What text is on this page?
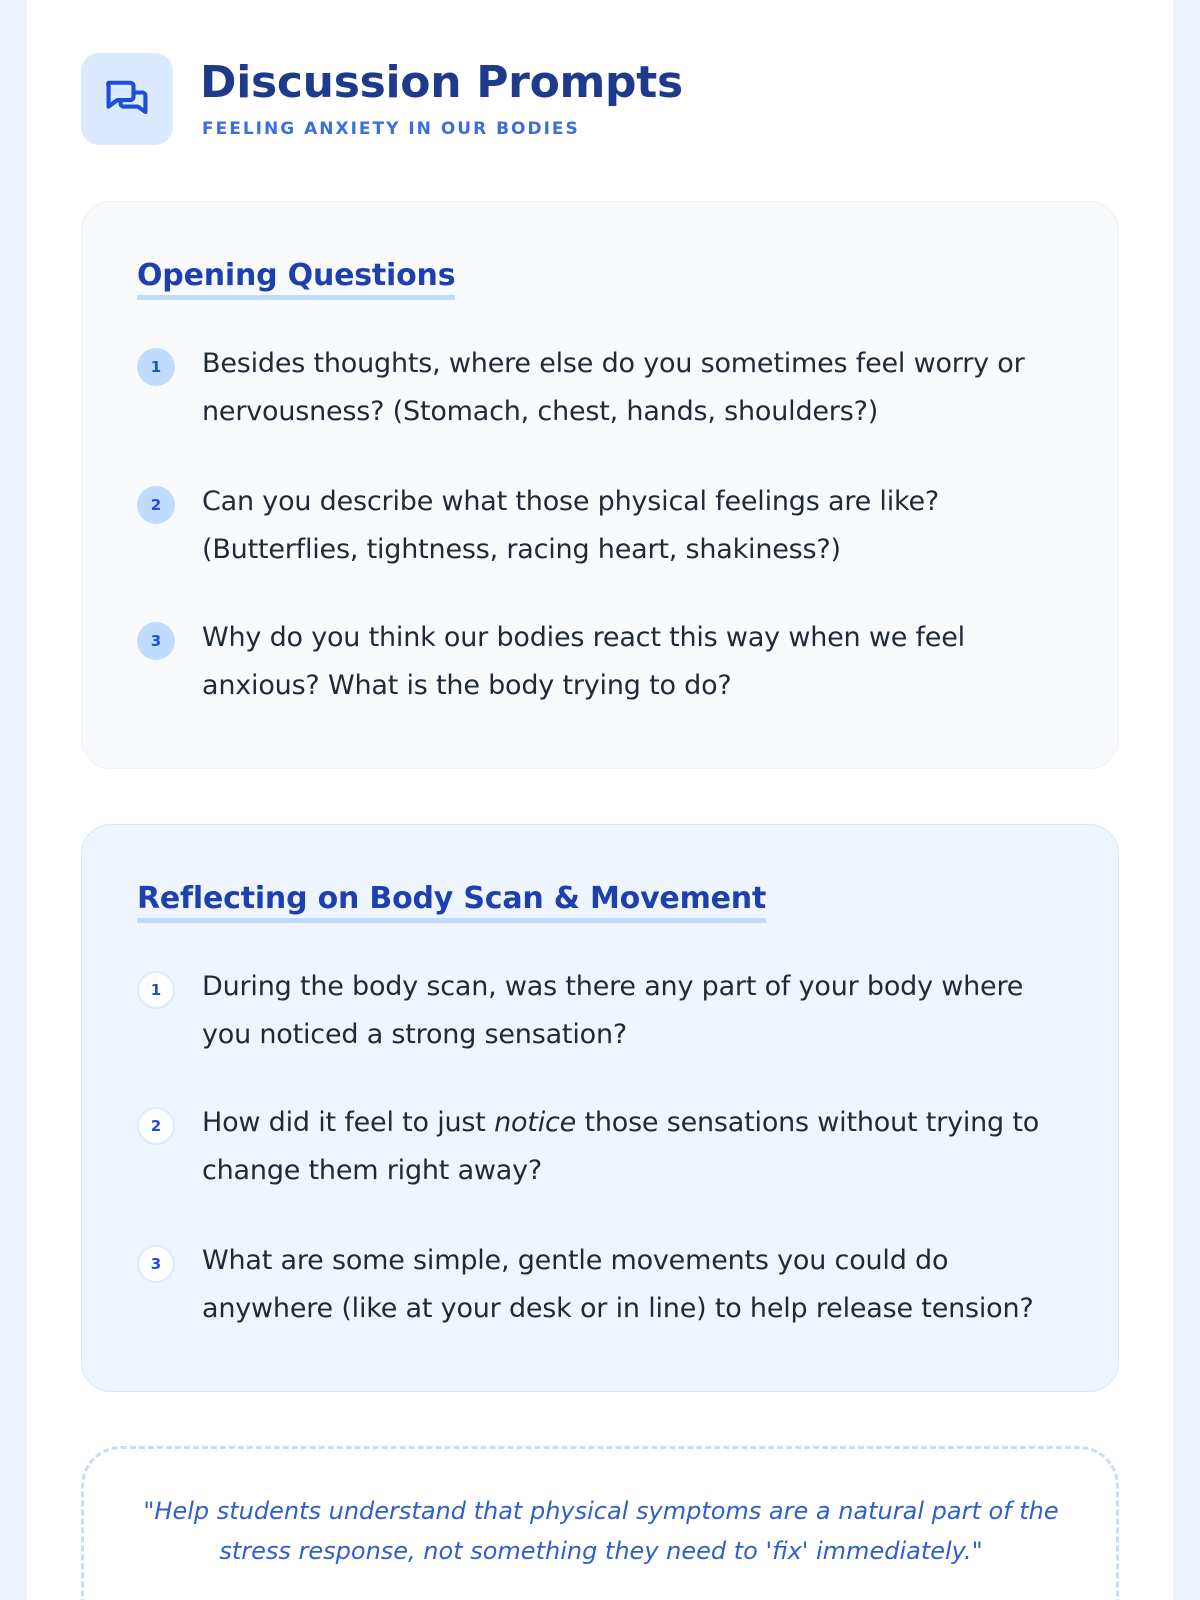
Discussion Prompts
FEELING ANXIETY IN OUR BODIES
Opening Questions
1	Besides thoughts, where else do you sometimes feel worry or nervousness? (Stomach, chest, hands, shoulders?)
2	Can you describe what those physical feelings are like? (Butterflies, tightness, racing heart, shakiness?)
3	Why do you think our bodies react this way when we feel anxious? What is the body trying to do?
Reflecting on Body Scan & Movement
1	During the body scan, was there any part of your body where you noticed a strong sensation?
2	How did it feel to just notice those sensations without trying to change them right away?
3	What are some simple, gentle movements you could do anywhere (like at your desk or in line) to help release tension?
"Help students understand that physical symptoms are a natural part of the stress response, not something they need to 'fix' immediately."
